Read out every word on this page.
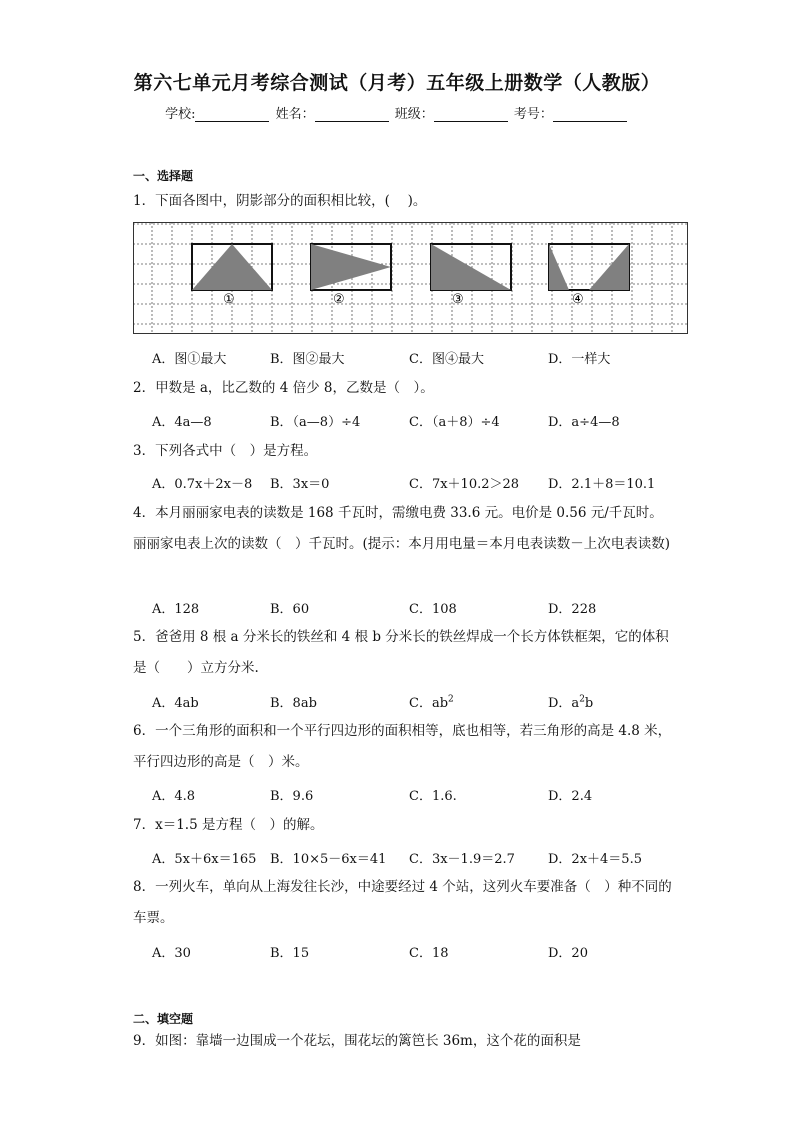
第六七单元月考综合测试（月考）五年级上册数学（人教版）
学校:	姓名：	班级：	考号：
一、选择题
1．下面各图中，阴影部分的面积相比较，(　 )。
①	②	③	④
A．图①最大	B．图②最大	C．图④最大	D．一样大
2．甲数是 a，比乙数的 4 倍少 8，乙数是（　）。
A．4a—8	B．（a—8）÷4	C．（a＋8）÷4	D．a÷4—8
3．下列各式中（　）是方程。
A．0.7x＋2x－8 B．3x＝0	C．7x＋10.2＞28 D．2.1＋8＝10.1
4．本月丽丽家电表的读数是 168 千瓦时，需缴电费 33.6 元。电价是 0.56 元/千瓦时。丽丽家电表上次的读数（　）千瓦时。(提示：本月用电量＝本月电表读数－上次电表读数)
A．128	B．60	C．108	D．228
5．爸爸用 8 根 a 分米长的铁丝和 4 根 b 分米长的铁丝焊成一个长方体铁框架，它的体积是（　　）立方分米.
A．4ab	B．8ab	C．$ab^2$	D．$a^2b$
6．一个三角形的面积和一个平行四边形的面积相等，底也相等，若三角形的高是 4.8 米，平行四边形的高是（　）米。
A．4.8	B．9.6	C．1.6.	D．2.4
7．x＝1.5 是方程（　）的解。
A．5x＋6x＝165 B．10×5－6x＝41 C．3x－1.9＝2.7	D．2x＋4＝5.5
8．一列火车，单向从上海发往长沙，中途要经过 4 个站，这列火车要准备（　）种不同的车票。
A．30	B．15	C．18	D．20
二、填空题
9．如图：靠墙一边围成一个花坛，围花坛的篱笆长 36m，这个花的面积是
